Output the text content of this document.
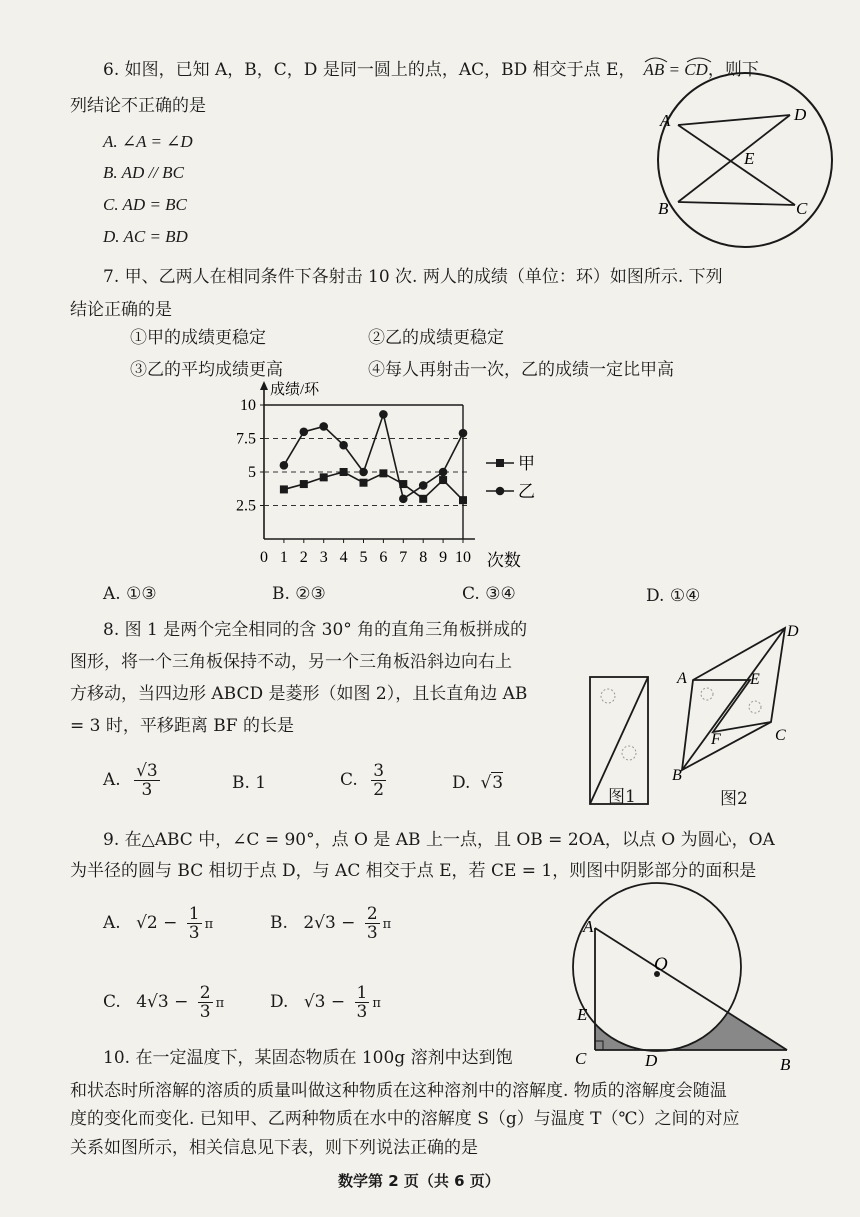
6. 如图，已知 A，B，C，D 是同一圆上的点，AC，BD 相交于点 E， AB = CD
，则下
列结论不正确的是
A. ∠A = ∠D
B. AD // BC
C. AD = BC
D. AC = BD
A	D
B	C
E
7. 甲、乙两人在相同条件下各射击 10 次. 两人的成绩（单位：环）如图所示. 下列
结论正确的是
①甲的成绩更稳定	②乙的成绩更稳定
③乙的平均成绩更高	④每人再射击一次，乙的成绩一定比甲高
成绩/环
次数
2.5
5
7.5
10
0 1 2 3 4 5 6 7 8 9 10
甲
乙
A. ①③	B. ②③	C. ③④	D. ①④
8. 图 1 是两个完全相同的含 30° 角的直角三角板拼成的
图形，将一个三角板保持不动，另一个三角板沿斜边向右上
方移动，当四边形 ABCD 是菱形（如图 2），且长直角边 AB
= 3 时，平移距离 BF 的长是
A. $\frac{√3}{3}$	B. 1	C. $\frac{3}{2}$	D. √3
A
D
E
F	C
B
图1	图2
9. 在△ABC 中，∠C = 90°，点 O 是 AB 上一点，且 OB = 2OA，以点 O 为圆心，OA
为半径的圆与 BC 相切于点 D，与 AC 相交于点 E，若 CE = 1，则图中阴影部分的面积是
A. $√2 - \frac{1}{3}$ π	B. $2√3 - \frac{2}{3}$ π
C. $4√3 - \frac{2}{3}$ π	D. $√3 - \frac{1}{3}$ π
A
O
E
C	D	B
10. 在一定温度下，某固态物质在 100g 溶剂中达到饱
和状态时所溶解的溶质的质量叫做这种物质在这种溶剂中的溶解度. 物质的溶解度会随温
度的变化而变化. 已知甲、乙两种物质在水中的溶解度 S（g）与温度 T（℃）之间的对应
关系如图所示，相关信息见下表，则下列说法正确的是
数学第 2 页（共 6 页）
